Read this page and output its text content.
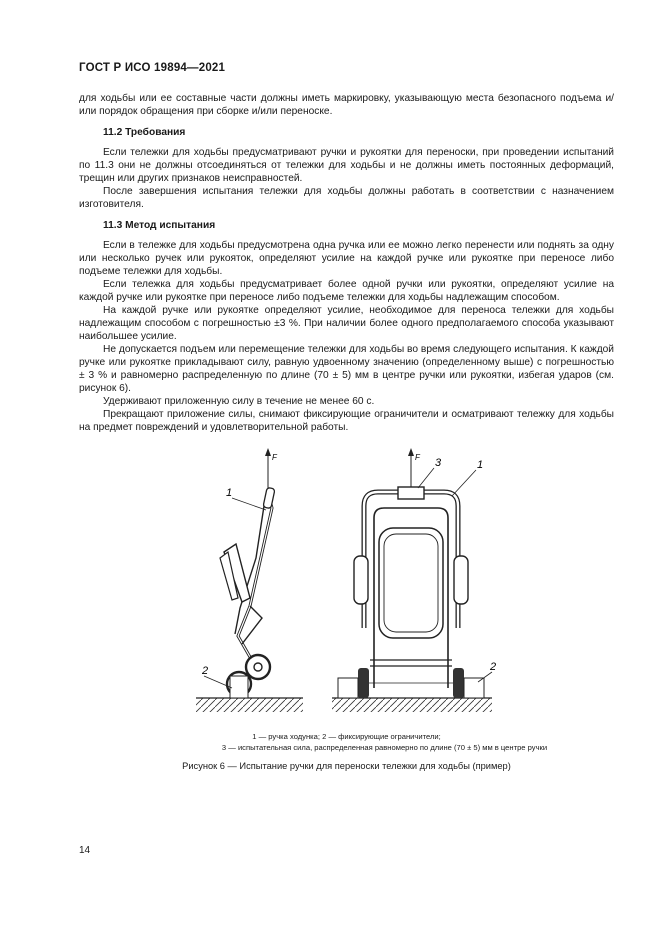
ГОСТ Р ИСО 19894—2021

для ходьбы или ее составные части должны иметь маркировку, указывающую места безопасного подъема и/или порядок обращения при сборке и/или переноске.

11.2 Требования

Если тележки для ходьбы предусматривают ручки и рукоятки для переноски, при проведении испытаний по 11.3 они не должны отсоединяться от тележки для ходьбы и не должны иметь постоянных деформаций, трещин или других признаков неисправностей.

После завершения испытания тележки для ходьбы должны работать в соответствии с назначением изготовителя.

11.3 Метод испытания

Если в тележке для ходьбы предусмотрена одна ручка или ее можно легко перенести или поднять за одну или несколько ручек или рукояток, определяют усилие на каждой ручке или рукоятке при переносе либо подъеме тележки для ходьбы.

Если тележка для ходьбы предусматривает более одной ручки или рукоятки, определяют усилие на каждой ручке или рукоятке при переносе либо подъеме тележки для ходьбы надлежащим способом.

На каждой ручке или рукоятке определяют усилие, необходимое для переноса тележки для ходьбы надлежащим способом с погрешностью ±3 %. При наличии более одного предполагаемого способа указывают наибольшее усилие.

Не допускается подъем или перемещение тележки для ходьбы во время следующего испытания. К каждой ручке или рукоятке прикладывают силу, равную удвоенному значению (определенному выше) с погрешностью ± 3 % и равномерно распределенную по длине (70 ± 5) мм в центре ручки или рукоятки, избегая ударов (см. рисунок 6).

Удерживают приложенную силу в течение не менее 60 с.

Прекращают приложение силы, снимают фиксирующие ограничители и осматривают тележку для ходьбы на предмет повреждений и удовлетворительной работы.

F
1
2
F 3	1
2
1 — ручка ходунка; 2 — фиксирующие ограничители;
3 — испытательная сила, распределенная равномерно по длине (70 ± 5) мм в центре ручки
Рисунок 6 — Испытание ручки для переноски тележки для ходьбы (пример)
14
